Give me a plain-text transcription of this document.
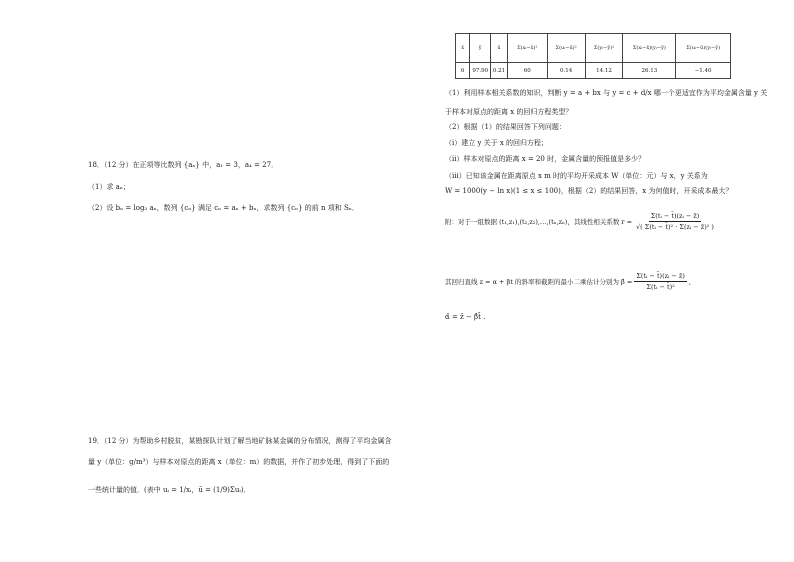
x̄	ȳ	ū	Σ(xᵢ−x̄)²	Σ(uᵢ−ū)²	Σ(yᵢ−ȳ)²	Σ(xᵢ−x̄)(yᵢ−ȳ)	Σ(uᵢ−ū)(yᵢ−ȳ)
6	97.90	0.21	60	0.14	14.12	26.13	−1.40
（1）利用样本相关系数的知识，判断 y = a + bx 与 y = c + d/x 哪一个更适宜作为平均金属含量 y 关
于样本对原点的距离 x 的回归方程类型？
（2）根据（1）的结果回答下列问题：
（i）建立 y 关于 x 的回归方程；
（ii）样本对原点的距离 x = 20 时，金属含量的预报值是多少？
（iii）已知该金属在距离原点 x m 时的平均开采成本 W（单位：元）与 x，y 关系为
W = 1000(y − ln x)(1 ≤ x ≤ 100)，根据（2）的结果回答，x 为何值时，开采成本最大？
附：对于一组数据 (t₁,z₁),(t₂,z₂),…,(tₙ,zₙ)，其线性相关系数 $r = \frac{\text{Σ(tᵢ − t̄)(zᵢ − z̄)}}{\text{√( Σ(tᵢ − t̄)² · Σ(zᵢ − z̄)² )}}$
其回归直线 z = α + βt 的斜率和截距的最小二乘估计分别为 β̂ = $\frac{\text{Σ(tᵢ − t̄)(zᵢ − z̄)}}{\text{Σ(tᵢ − t̄)²}}$ ,
α̂ = z̄ − β̂t̄ .
18．（12 分）在正项等比数列 {aₙ} 中，a₁ = 3，a₄ = 27．
（1）求 aₙ；
（2）设 bₙ = log₃ aₙ，数列 {cₙ} 满足 cₙ = aₙ + bₙ，求数列 {cₙ} 的前 n 项和 Sₙ．
19．（12 分）为帮助乡村脱贫，某勘探队计划了解当地矿脉某金属的分布情况，测得了平均金属含
量 y（单位：g/m³）与样本对原点的距离 x（单位：m）的数据，并作了初步处理，得到了下面的
一些统计量的值．(表中 uᵢ = 1/xᵢ，ū = (1/9)Σuᵢ)．
